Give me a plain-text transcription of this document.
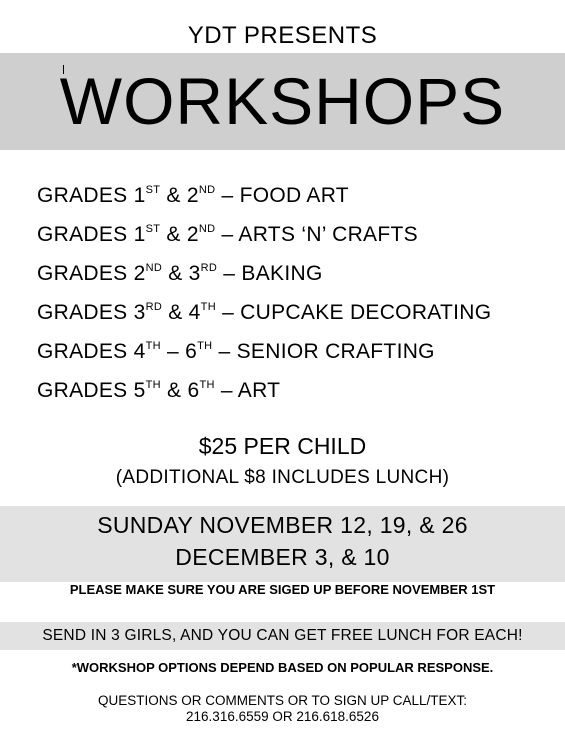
YDT PRESENTS
WORKSHOPS
GRADES 1ST & 2ND – FOOD ART
GRADES 1ST & 2ND – ARTS ‘N’ CRAFTS
GRADES 2ND & 3RD – BAKING
GRADES 3RD & 4TH – CUPCAKE DECORATING
GRADES 4TH – 6TH – SENIOR CRAFTING
GRADES 5TH & 6TH – ART
$25 PER CHILD
(ADDITIONAL $8 INCLUDES LUNCH)
SUNDAY NOVEMBER 12, 19, & 26
DECEMBER 3, & 10
PLEASE MAKE SURE YOU ARE SIGED UP BEFORE NOVEMBER 1ST
SEND IN 3 GIRLS, AND YOU CAN GET FREE LUNCH FOR EACH!
*WORKSHOP OPTIONS DEPEND BASED ON POPULAR RESPONSE.
QUESTIONS OR COMMENTS OR TO SIGN UP CALL/TEXT:
216.316.6559 OR 216.618.6526
